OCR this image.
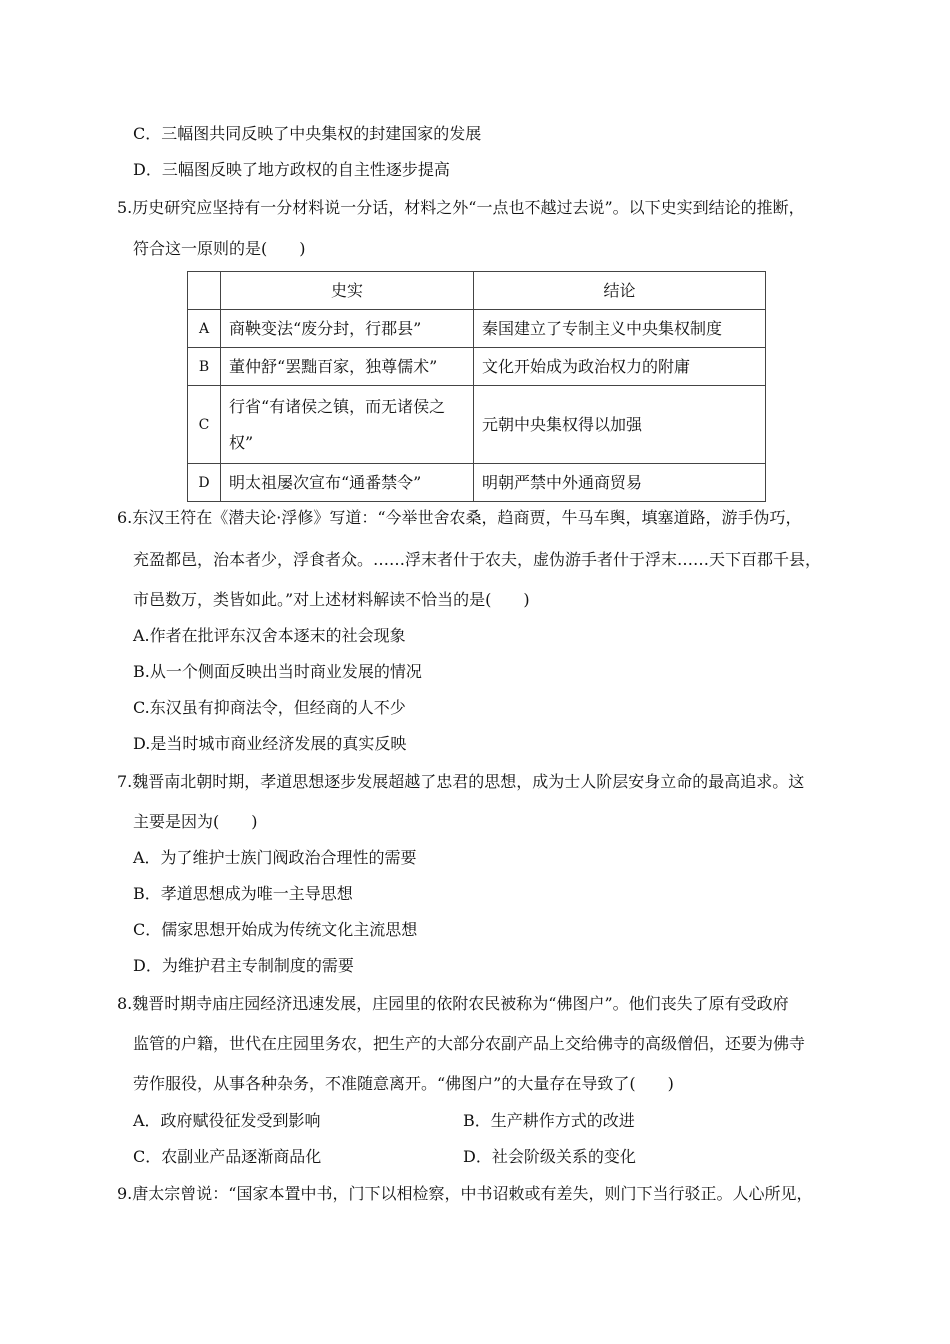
C．三幅图共同反映了中央集权的封建国家的发展
D．三幅图反映了地方政权的自主性逐步提高
5.历史研究应坚持有一分材料说一分话，材料之外“一点也不越过去说”。以下史实到结论的推断，
符合这一原则的是(　　)
	史实	结论
A	商鞅变法“废分封，行郡县”	秦国建立了专制主义中央集权制度
B	董仲舒“罢黜百家，独尊儒术”	文化开始成为政治权力的附庸
C	行省“有诸侯之镇，而无诸侯之权”	元朝中央集权得以加强
D	明太祖屡次宣布“通番禁令”	明朝严禁中外通商贸易
6.东汉王符在《潜夫论·浮修》写道：“今举世舍农桑，趋商贾，牛马车舆，填塞道路，游手伪巧，
充盈都邑，治本者少，浮食者众。……浮末者什于农夫，虚伪游手者什于浮末……天下百郡千县，
市邑数万，类皆如此。”对上述材料解读不恰当的是(　　)
A.作者在批评东汉舍本逐末的社会现象
B.从一个侧面反映出当时商业发展的情况
C.东汉虽有抑商法令，但经商的人不少
D.是当时城市商业经济发展的真实反映
7.魏晋南北朝时期，孝道思想逐步发展超越了忠君的思想，成为士人阶层安身立命的最高追求。这
主要是因为(　　)
A．为了维护士族门阀政治合理性的需要
B．孝道思想成为唯一主导思想
C．儒家思想开始成为传统文化主流思想
D．为维护君主专制制度的需要
8.魏晋时期寺庙庄园经济迅速发展，庄园里的依附农民被称为“佛图户”。他们丧失了原有受政府
监管的户籍，世代在庄园里务农，把生产的大部分农副产品上交给佛寺的高级僧侣，还要为佛寺
劳作服役，从事各种杂务，不准随意离开。“佛图户”的大量存在导致了(　　)
A．政府赋役征发受到影响	B．生产耕作方式的改进
C．农副业产品逐渐商品化	D．社会阶级关系的变化
9.唐太宗曾说：“国家本置中书，门下以相检察，中书诏敕或有差失，则门下当行驳正。人心所见，
